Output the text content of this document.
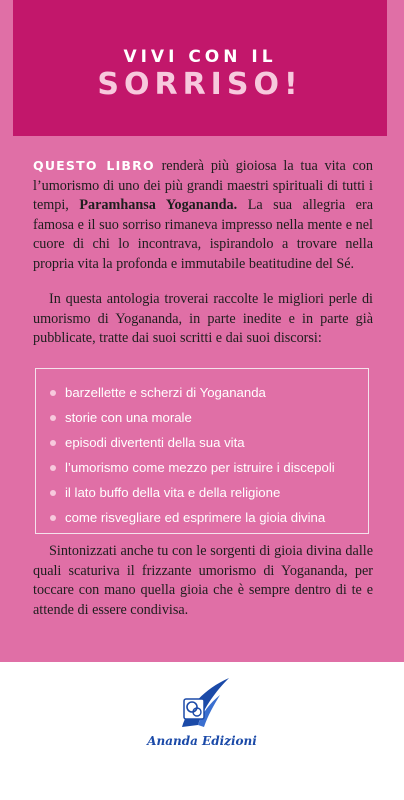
VIVI CON IL
SORRISO!
QUESTO LIBRO renderà più gioiosa la tua vita con l’umorismo di uno dei più grandi maestri spirituali di tutti i tempi, Paramhansa Yogananda. La sua allegria era famosa e il suo sorriso rimaneva impresso nella mente e nel cuore di chi lo incontrava, ispirandolo a trovare nella propria vita la profonda e immutabile beatitudine del Sé.
In questa antologia troverai raccolte le migliori perle di umorismo di Yogananda, in parte inedite e in parte già pubblicate, tratte dai suoi scritti e dai suoi discorsi:
barzellette e scherzi di Yogananda
storie con una morale
episodi divertenti della sua vita
l’umorismo come mezzo per istruire i discepoli
il lato buffo della vita e della religione
come risvegliare ed esprimere la gioia divina
Sintonizzati anche tu con le sorgenti di gioia divina dalle quali scaturiva il frizzante umorismo di Yogananda, per toccare con mano quella gioia che è sempre dentro di te e attende di essere condivisa.
Ananda Edizioni
